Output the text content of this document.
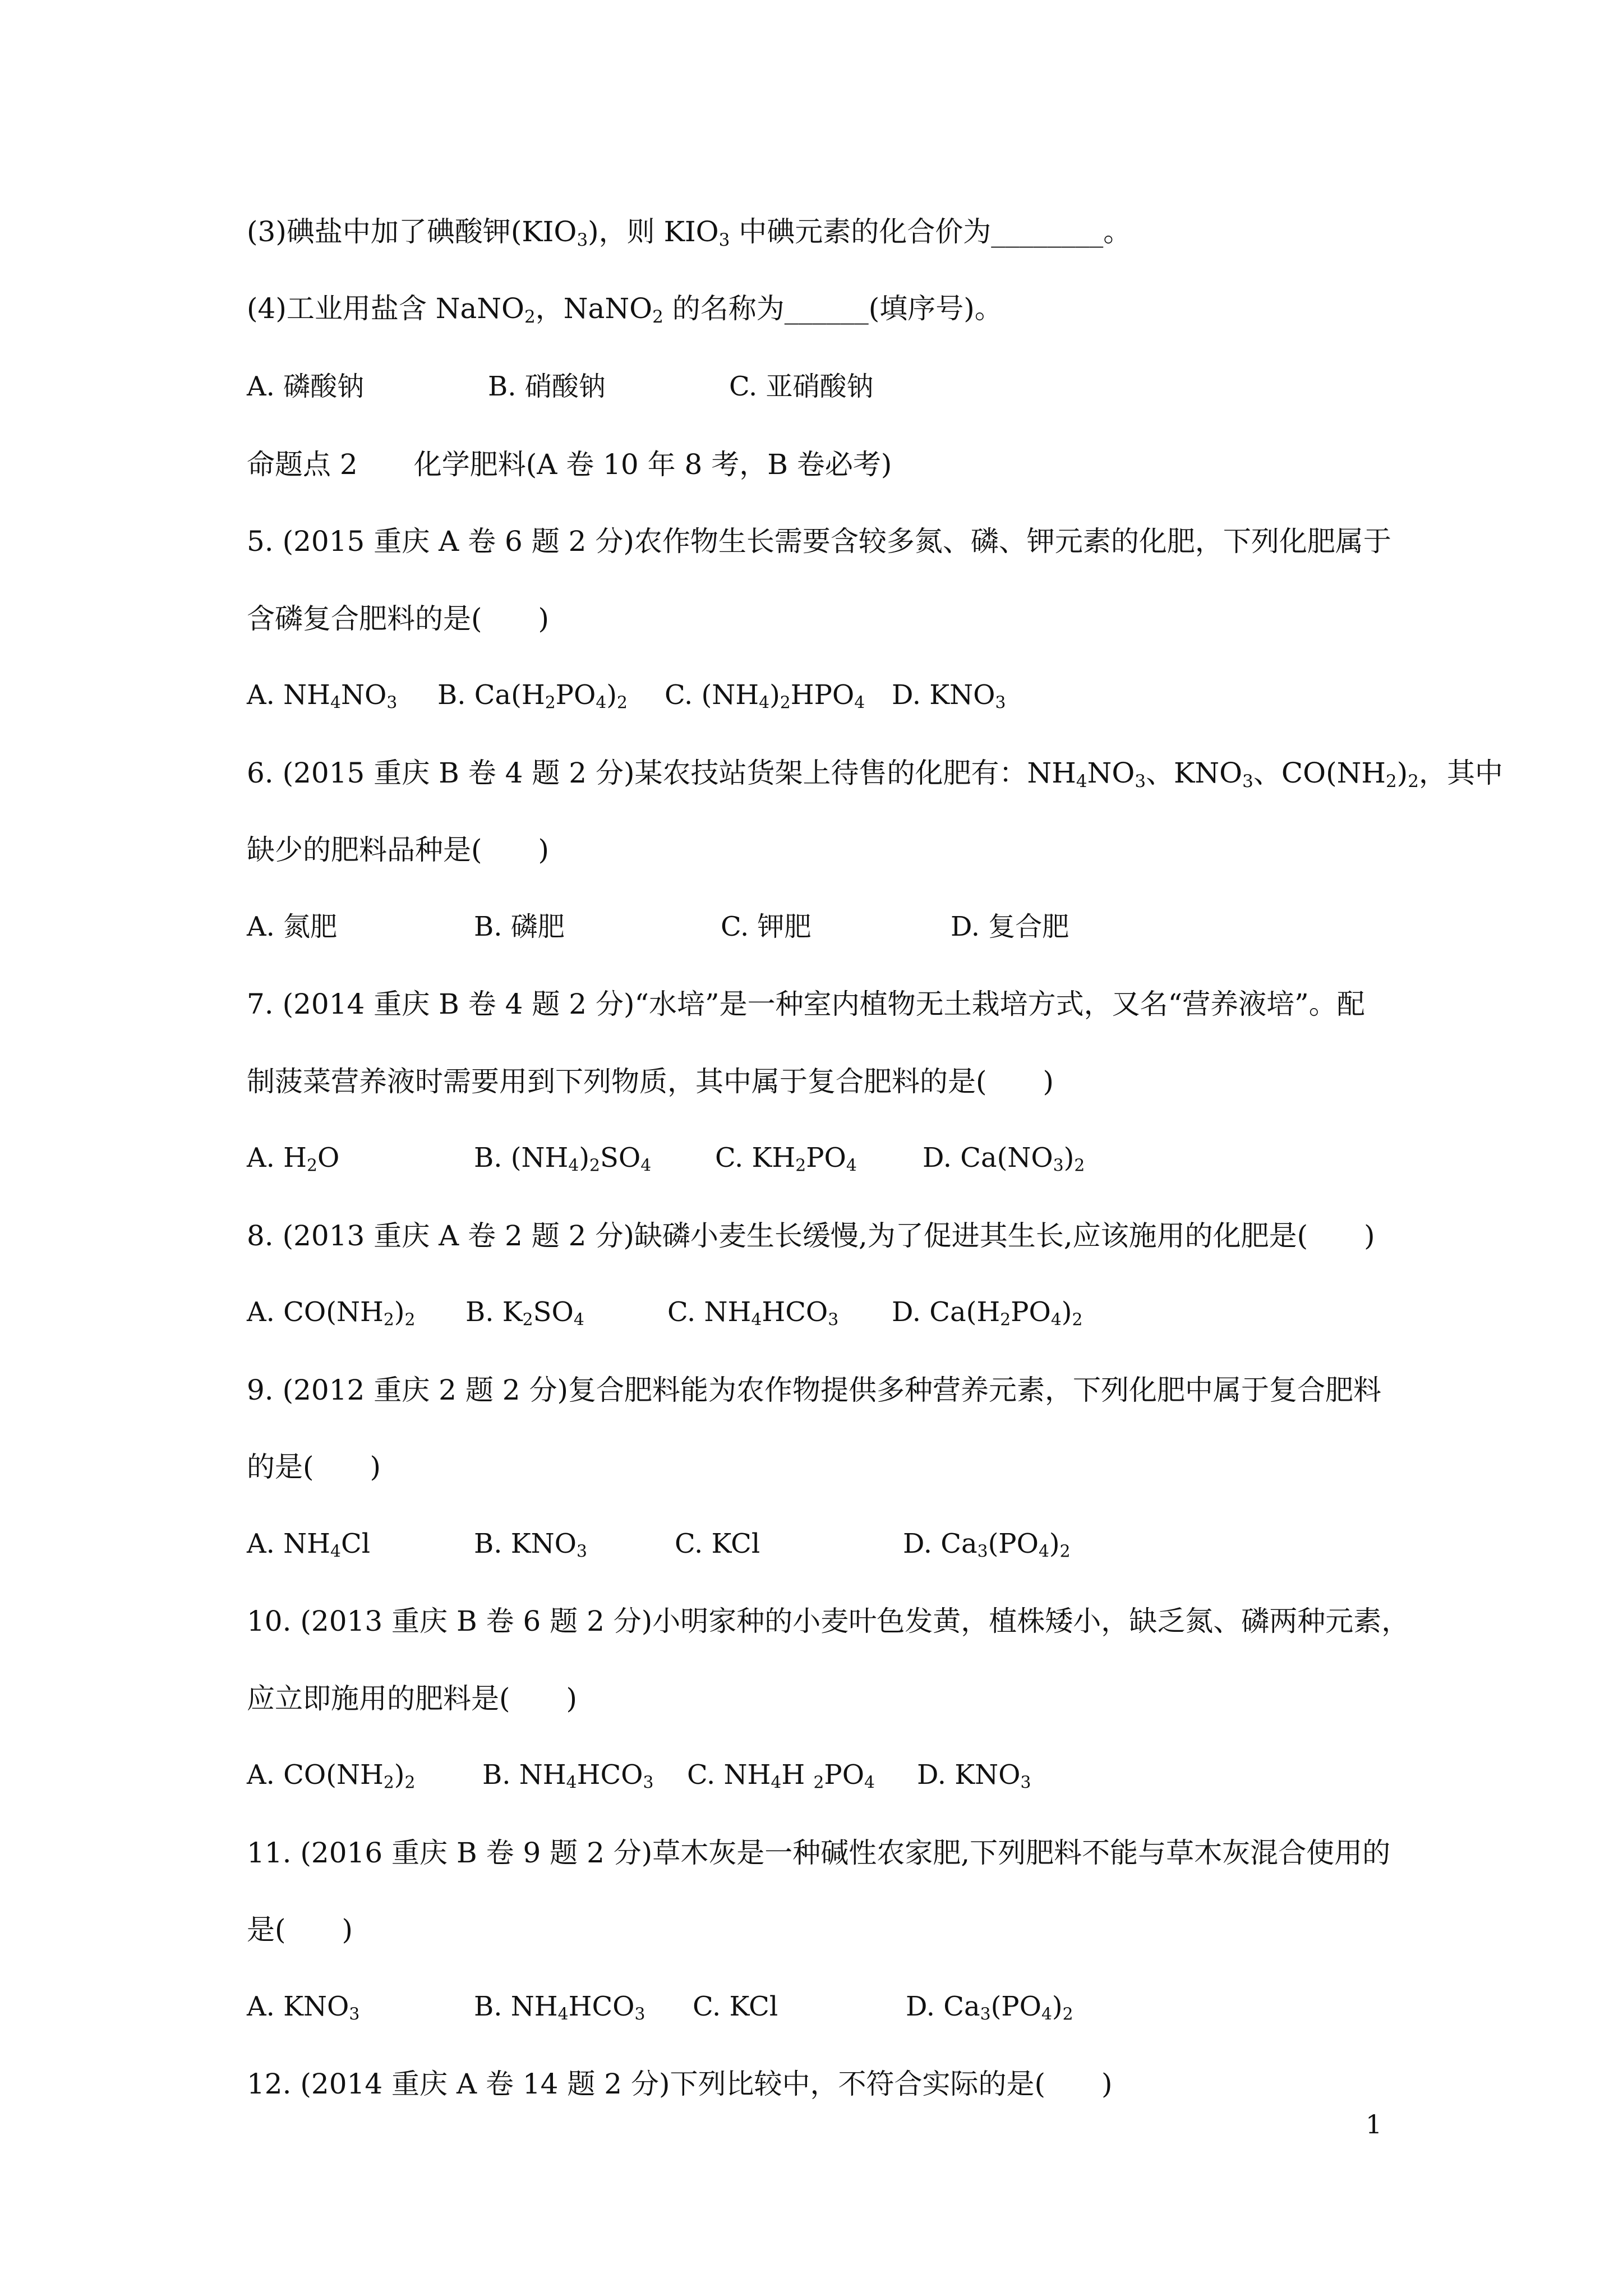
(3)碘盐中加了碘酸钾$(KIO_3)$，则 $KIO_3$ 中碘元素的化合价为________。
(4)工业用盐含 NaNO$_2$，NaNO$_2$ 的名称为______(填序号)。
A. 磷酸钠	B. 硝酸钠	C. 亚硝酸钠
命题点 2　　化学肥料(A 卷 10 年 8 考，B 卷必考)
5. (2015 重庆 A 卷 6 题 2 分)农作物生长需要含较多氮、磷、钾元素的化肥，下列化肥属于
含磷复合肥料的是(　　)
A. $NH_4NO_3$ B. $Ca(H_2PO_4)_2$ C. $(NH_4)_2HPO_4$ D. $KNO_3$
6. (2015 重庆 B 卷 4 题 2 分)某农技站货架上待售的化肥有：$NH_4NO_3$、$KNO_3$、$CO(NH_2)_2$，其中
缺少的肥料品种是(　　)
A. 氮肥	B. 磷肥	C. 钾肥	D. 复合肥
7. (2014 重庆 B 卷 4 题 2 分)“水培”是一种室内植物无土栽培方式，又名“营养液培”。配
制菠菜营养液时需要用到下列物质，其中属于复合肥料的是(　　)
A. $H_2O$	B. $(NH_4)_2SO_4$ C. $KH_2PO_4$ D. $Ca(NO_3)_2$
8. (2013 重庆 A 卷 2 题 2 分)缺磷小麦生长缓慢,为了促进其生长,应该施用的化肥是(　　)
A. $CO(NH_2)_2$ B. $K_2SO_4$	C. $NH_4HCO_3$ D. $Ca(H_2PO_4)_2$
9. (2012 重庆 2 题 2 分)复合肥料能为农作物提供多种营养元素，下列化肥中属于复合肥料
的是(　　)
A. $NH_4Cl$	B. $KNO_3$	C. KCl	D. $Ca_3(PO_4)_2$
10. (2013 重庆 B 卷 6 题 2 分)小明家种的小麦叶色发黄，植株矮小，缺乏氮、磷两种元素，
应立即施用的肥料是(　　)
A. $CO(NH_2)_2$ B. $NH_4HCO_3$ C. $NH_4H$ $_2PO_4$ D. $KNO_3$
11. (2016 重庆 B 卷 9 题 2 分)草木灰是一种碱性农家肥,下列肥料不能与草木灰混合使用的
是(　　)
A. $KNO_3$	B. $NH_4HCO_3$ C. KCl	D. $Ca_3(PO_4)_2$
12. (2014 重庆 A 卷 14 题 2 分)下列比较中，不符合实际的是(　　)
1
